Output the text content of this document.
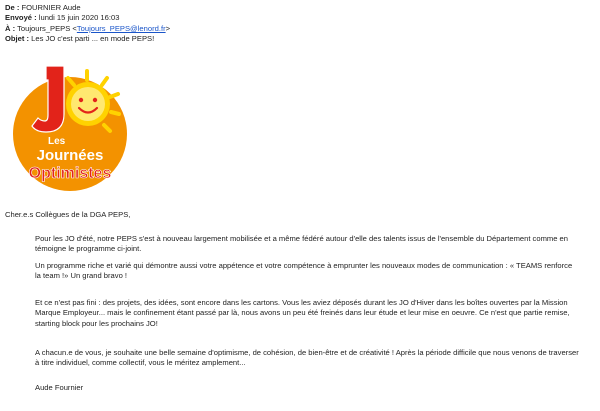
De : FOURNIER Aude
Envoyé : lundi 15 juin 2020 16:03
À : Toujours_PEPS <Toujours_PEPS@lenord.fr>
Objet : Les JO c'est parti ... en mode PEPS!
Les
Journées
Optimistes
Cher.e.s Collègues de la DGA PEPS,

Pour les JO d'été, notre PEPS s'est à nouveau largement mobilisée et a même fédéré autour d'elle des talents issus de l'ensemble du Département comme en témoigne le programme ci-joint.

Un programme riche et varié qui démontre aussi votre appétence et votre compétence à emprunter les nouveaux modes de communication : « TEAMS renforce la team !» Un grand bravo !

Et ce n'est pas fini : des projets, des idées, sont encore dans les cartons. Vous les aviez déposés durant les JO d'Hiver dans les boîtes ouvertes par la Mission Marque Employeur... mais le confinement étant passé par là, nous avons un peu été freinés dans leur étude et leur mise en oeuvre. Ce n'est que partie remise, starting block pour les prochains JO!

A chacun.e de vous, je souhaite une belle semaine d'optimisme, de cohésion, de bien-être et de créativité ! Après la période difficile que nous venons de traverser à titre individuel, comme collectif, vous le méritez amplement...

Aude Fournier
